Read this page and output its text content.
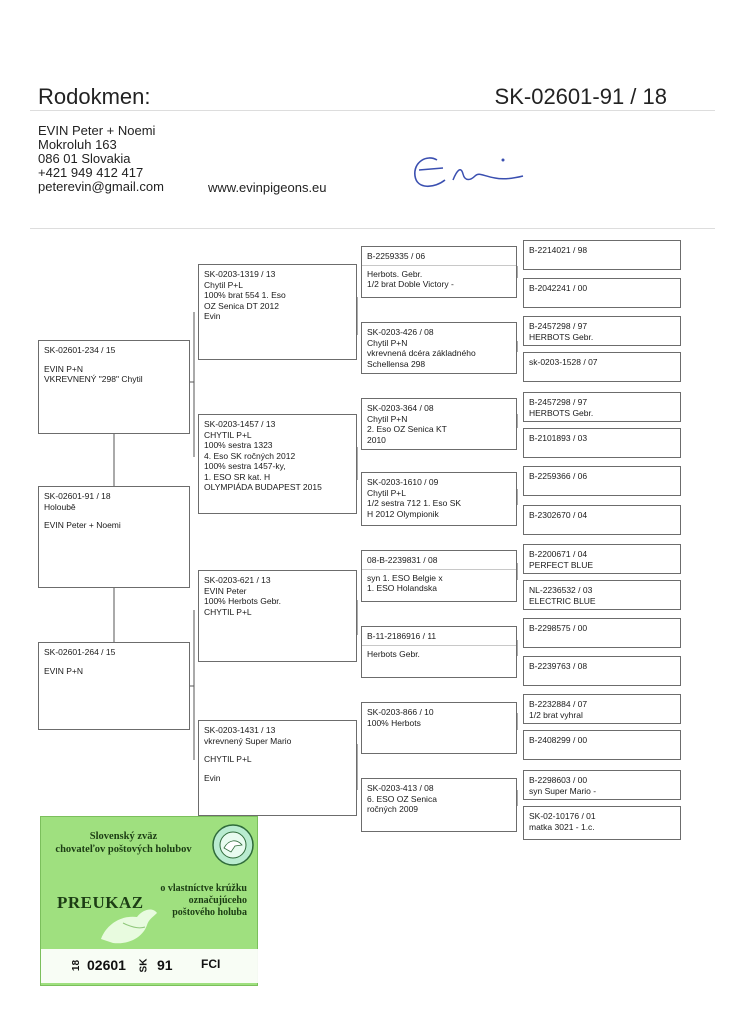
Rodokmen:	SK-02601-91 / 18
EVIN Peter + Noemi
Mokroluh 163
086 01 Slovakia
+421 949 412 417
peterevin@gmail.com	www.evinpigeons.eu
SK-02601-91 / 18
Holoubě
EVIN Peter + Noemi
SK-02601-234 / 15
EVIN P+N
VKREVNENÝ "298" Chytil
SK-02601-264 / 15
EVIN P+N
SK-0203-1319 / 13
Chytil P+L
100% brat 554 1. Eso
OZ Senica DT 2012
Evin
SK-0203-1457 / 13
CHYTIL P+L
100% sestra 1323
4. Eso SK ročných 2012
100% sestra 1457-ky,
1. ESO SR kat. H
OLYMPIÁDA BUDAPEST 2015
SK-0203-621 / 13
EVIN Peter
100% Herbots Gebr.
CHYTIL P+L
SK-0203-1431 / 13
vkrevnený Super Mario
CHYTIL P+L
Evin
B-2259335 / 06
Herbots. Gebr.
1/2 brat Doble Victory -
SK-0203-426 / 08
Chytil P+N
vkrevnená dcéra základného
Schellensa 298
SK-0203-364 / 08
Chytil P+N
2. Eso OZ Senica KT
2010
SK-0203-1610 / 09
Chytil P+L
1/2 sestra 712 1. Eso SK
H 2012 Olympionik
08-B-2239831 / 08
syn 1. ESO Belgie x
1. ESO Holandska
B-11-2186916 / 11
Herbots Gebr.
SK-0203-866 / 10
100% Herbots
SK-0203-413 / 08
6. ESO OZ Senica
ročných 2009
B-2214021 / 98
B-2042241 / 00
B-2457298 / 97
HERBOTS Gebr.
sk-0203-1528 / 07
B-2457298 / 97
HERBOTS Gebr.
B-2101893 / 03
B-2259366 / 06
B-2302670 / 04
B-2200671 / 04
PERFECT BLUE
NL-2236532 / 03
ELECTRIC BLUE
B-2298575 / 00
B-2239763 / 08
B-2232884 / 07
1/2 brat vyhral
B-2408299 / 00
B-2298603 / 00
syn Super Mario -
SK-02-10176 / 01
matka 3021 - 1.c.
Slovenský zväz
chovateľov poštových holubov
PREUKAZ
o vlastníctve krúžku
označujúceho
poštového holuba
18 02601 SK 91 FCI
